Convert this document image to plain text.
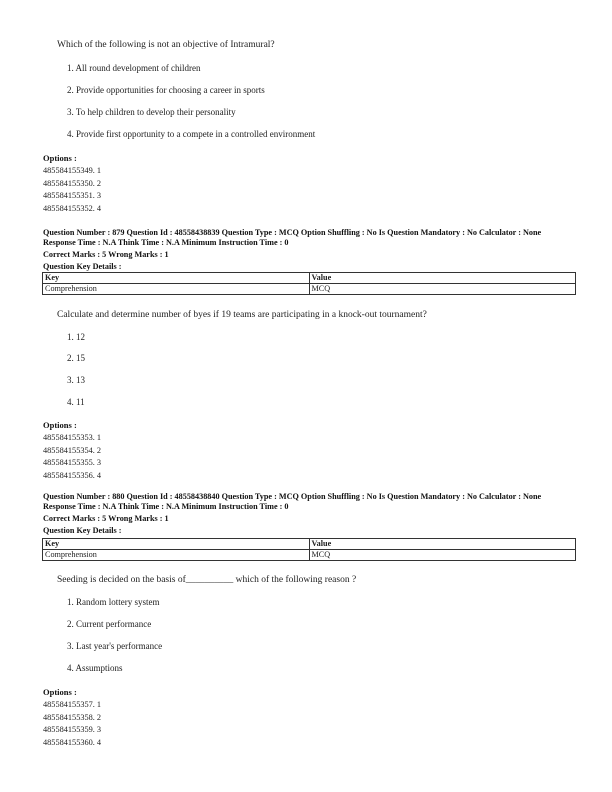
Which of the following is not an objective of Intramural?
1. All round development of children
2. Provide opportunities for choosing a career in sports
3. To help children to develop their personality
4. Provide first opportunity to a compete in a controlled environment
Options :
485584155349. 1
485584155350. 2
485584155351. 3
485584155352. 4
Question Number : 879 Question Id : 48558438839 Question Type : MCQ Option Shuffling : No Is Question Mandatory : No Calculator : None
Response Time : N.A Think Time : N.A Minimum Instruction Time : 0
Correct Marks : 5 Wrong Marks : 1
Question Key Details :
Key	Value
Comprehension	MCQ
Calculate and determine number of byes if 19 teams are participating in a knock-out tournament?
1. 12
2. 15
3. 13
4. 11
Options :
485584155353. 1
485584155354. 2
485584155355. 3
485584155356. 4
Question Number : 880 Question Id : 48558438840 Question Type : MCQ Option Shuffling : No Is Question Mandatory : No Calculator : None
Response Time : N.A Think Time : N.A Minimum Instruction Time : 0
Correct Marks : 5 Wrong Marks : 1
Question Key Details :
Key	Value
Comprehension	MCQ
Seeding is decided on the basis of__________ which of the following reason ?
1. Random lottery system
2. Current performance
3. Last year's performance
4. Assumptions
Options :
485584155357. 1
485584155358. 2
485584155359. 3
485584155360. 4
